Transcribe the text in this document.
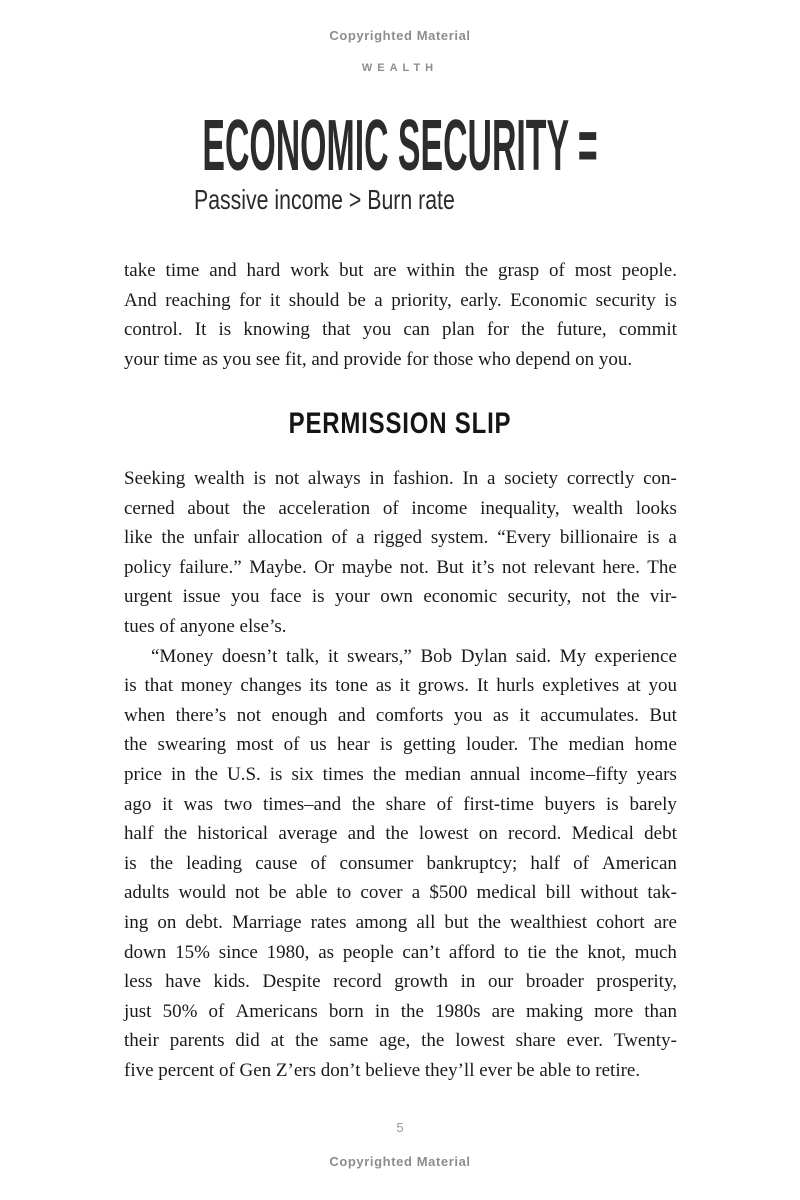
Copyrighted Material
WEALTH
ECONOMIC SECURITY =
Passive income > Burn rate
take time and hard work but are within the grasp of most people.
And reaching for it should be a priority, early. Economic security is
control. It is knowing that you can plan for the future, commit
your time as you see fit, and provide for those who depend on you.
PERMISSION SLIP
Seeking wealth is not always in fashion. In a society correctly con-
cerned about the acceleration of income inequality, wealth looks
like the unfair allocation of a rigged system. “Every billionaire is a
policy failure.” Maybe. Or maybe not. But it’s not relevant here. The
urgent issue you face is your own economic security, not the vir-
tues of anyone else’s.
“Money doesn’t talk, it swears,” Bob Dylan said. My experience
is that money changes its tone as it grows. It hurls expletives at you
when there’s not enough and comforts you as it accumulates. But
the swearing most of us hear is getting louder. The median home
price in the U.S. is six times the median annual income–fifty years
ago it was two times–and the share of first-time buyers is barely
half the historical average and the lowest on record. Medical debt
is the leading cause of consumer bankruptcy; half of American
adults would not be able to cover a $500 medical bill without tak-
ing on debt. Marriage rates among all but the wealthiest cohort are
down 15% since 1980, as people can’t afford to tie the knot, much
less have kids. Despite record growth in our broader prosperity,
just 50% of Americans born in the 1980s are making more than
their parents did at the same age, the lowest share ever. Twenty-
five percent of Gen Z’ers don’t believe they’ll ever be able to retire.
5
Copyrighted Material
